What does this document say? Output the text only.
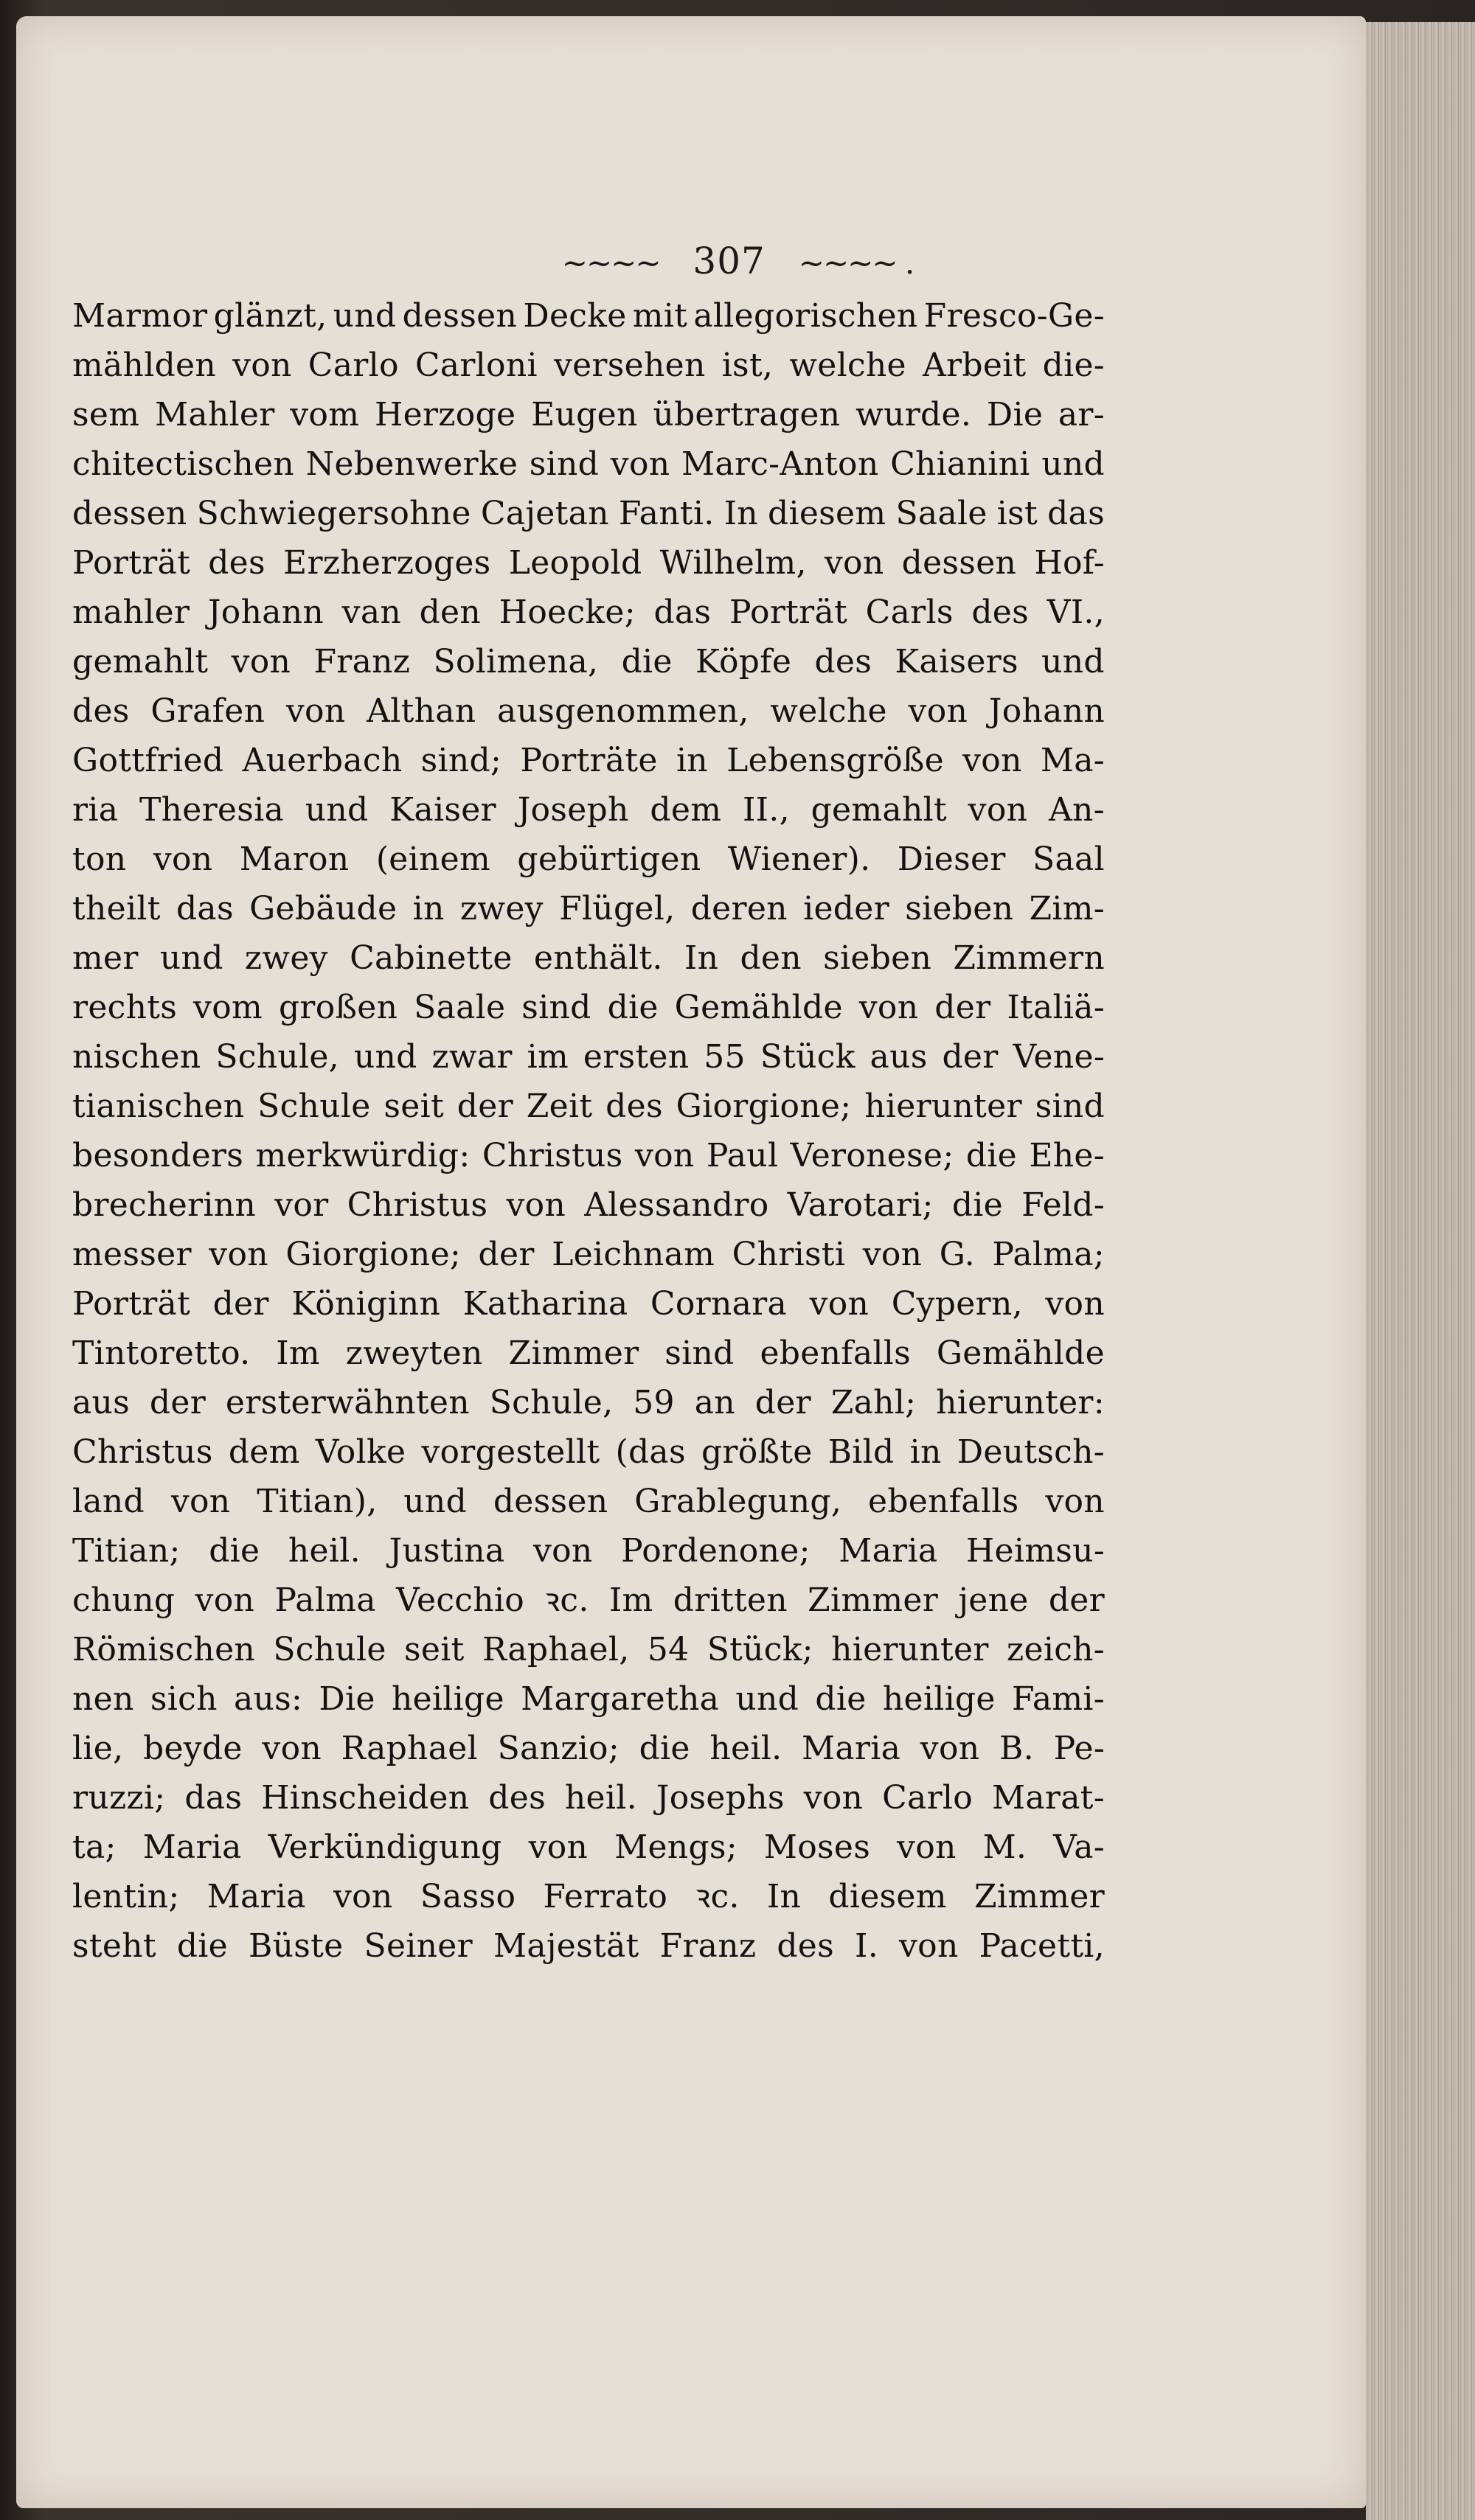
~~~~ 307 ~~~~ .
Marmor glänzt, und dessen Decke mit allegorischen Fresco-Ge-
mählden von Carlo Carloni versehen ist, welche Arbeit die-
sem Mahler vom Herzoge Eugen übertragen wurde. Die ar-
chitectischen Nebenwerke sind von Marc-Anton Chianini und
dessen Schwiegersohne Cajetan Fanti. In diesem Saale ist das
Porträt des Erzherzoges Leopold Wilhelm, von dessen Hof-
mahler Johann van den Hoecke; das Porträt Carls des VI.,
gemahlt von Franz Solimena, die Köpfe des Kaisers und
des Grafen von Althan ausgenommen, welche von Johann
Gottfried Auerbach sind; Porträte in Lebensgröße von Ma-
ria Theresia und Kaiser Joseph dem II., gemahlt von An-
ton von Maron (einem gebürtigen Wiener). Dieser Saal
theilt das Gebäude in zwey Flügel, deren ieder sieben Zim-
mer und zwey Cabinette enthält. In den sieben Zimmern
rechts vom großen Saale sind die Gemählde von der Italiä-
nischen Schule, und zwar im ersten 55 Stück aus der Vene-
tianischen Schule seit der Zeit des Giorgione; hierunter sind
besonders merkwürdig: Christus von Paul Veronese; die Ehe-
brecherinn vor Christus von Alessandro Varotari; die Feld-
messer von Giorgione; der Leichnam Christi von G. Palma;
Porträt der Königinn Katharina Cornara von Cypern, von
Tintoretto. Im zweyten Zimmer sind ebenfalls Gemählde
aus der ersterwähnten Schule, 59 an der Zahl; hierunter:
Christus dem Volke vorgestellt (das größte Bild in Deutsch-
land von Titian), und dessen Grablegung, ebenfalls von
Titian; die heil. Justina von Pordenone; Maria Heimsu-
chung von Palma Vecchio ꝛc. Im dritten Zimmer jene der
Römischen Schule seit Raphael, 54 Stück; hierunter zeich-
nen sich aus: Die heilige Margaretha und die heilige Fami-
lie, beyde von Raphael Sanzio; die heil. Maria von B. Pe-
ruzzi; das Hinscheiden des heil. Josephs von Carlo Marat-
ta; Maria Verkündigung von Mengs; Moses von M. Va-
lentin; Maria von Sasso Ferrato ꝛc. In diesem Zimmer
steht die Büste Seiner Majestät Franz des I. von Pacetti,
